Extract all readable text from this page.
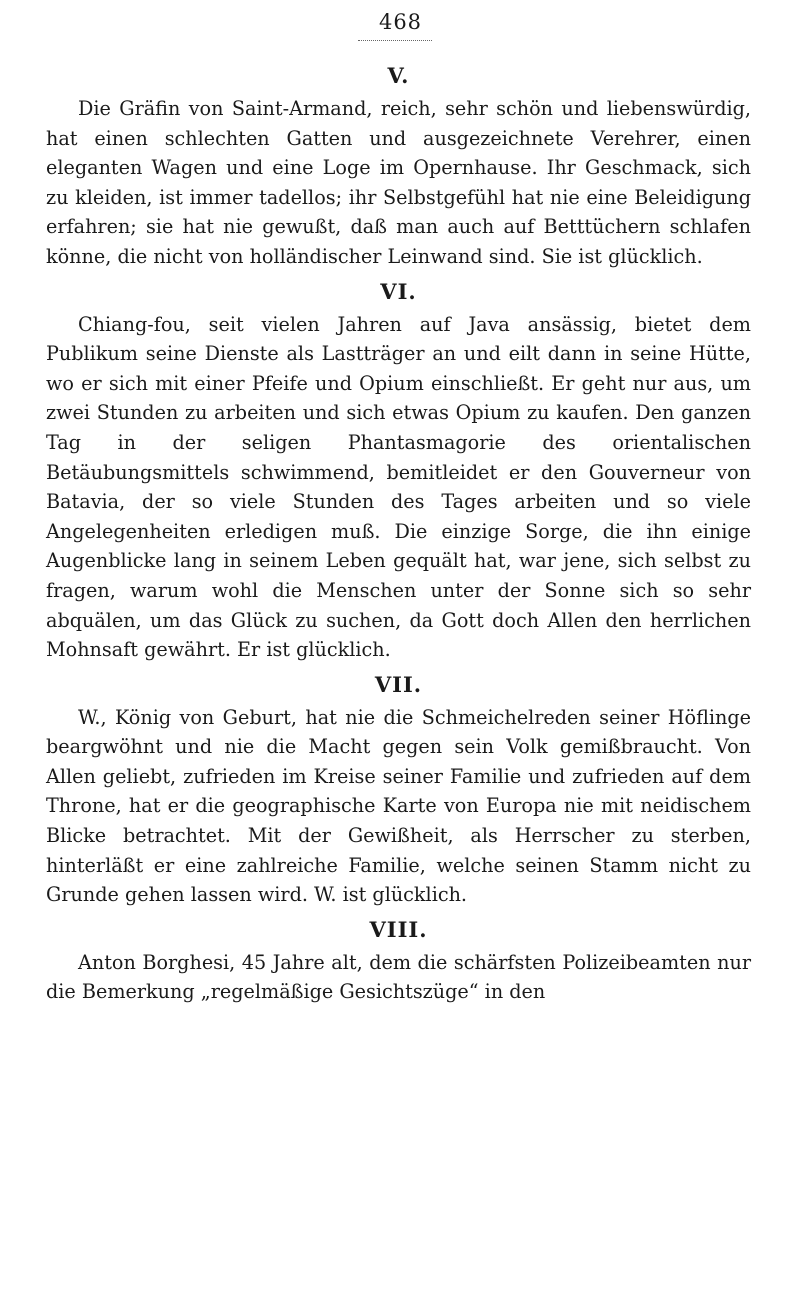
468
V.

Die Gräfin von Saint-Armand, reich, sehr schön und liebenswürdig, hat einen schlechten Gatten und ausgezeichnete Verehrer, einen eleganten Wagen und eine Loge im Opernhause. Ihr Geschmack, sich zu kleiden, ist immer tadellos; ihr Selbstgefühl hat nie eine Beleidigung erfahren; sie hat nie gewußt, daß man auch auf Betttüchern schlafen könne, die nicht von holländischer Leinwand sind. Sie ist glücklich.

VI.

Chiang-fou, seit vielen Jahren auf Java ansässig, bietet dem Publikum seine Dienste als Lastträger an und eilt dann in seine Hütte, wo er sich mit einer Pfeife und Opium einschließt. Er geht nur aus, um zwei Stunden zu arbeiten und sich etwas Opium zu kaufen. Den ganzen Tag in der seligen Phantasmagorie des orientalischen Betäubungsmittels schwimmend, bemitleidet er den Gouverneur von Batavia, der so viele Stunden des Tages arbeiten und so viele Angelegenheiten erledigen muß. Die einzige Sorge, die ihn einige Augenblicke lang in seinem Leben gequält hat, war jene, sich selbst zu fragen, warum wohl die Menschen unter der Sonne sich so sehr abquälen, um das Glück zu suchen, da Gott doch Allen den herrlichen Mohnsaft gewährt. Er ist glücklich.

VII.

W., König von Geburt, hat nie die Schmeichelreden seiner Höflinge beargwöhnt und nie die Macht gegen sein Volk gemißbraucht. Von Allen geliebt, zufrieden im Kreise seiner Familie und zufrieden auf dem Throne, hat er die geographische Karte von Europa nie mit neidischem Blicke betrachtet. Mit der Gewißheit, als Herrscher zu sterben, hinterläßt er eine zahlreiche Familie, welche seinen Stamm nicht zu Grunde gehen lassen wird. W. ist glücklich.

VIII.

Anton Borghesi, 45 Jahre alt, dem die schärfsten Polizeibeamten nur die Bemerkung „regelmäßige Gesichtszüge“ in den
